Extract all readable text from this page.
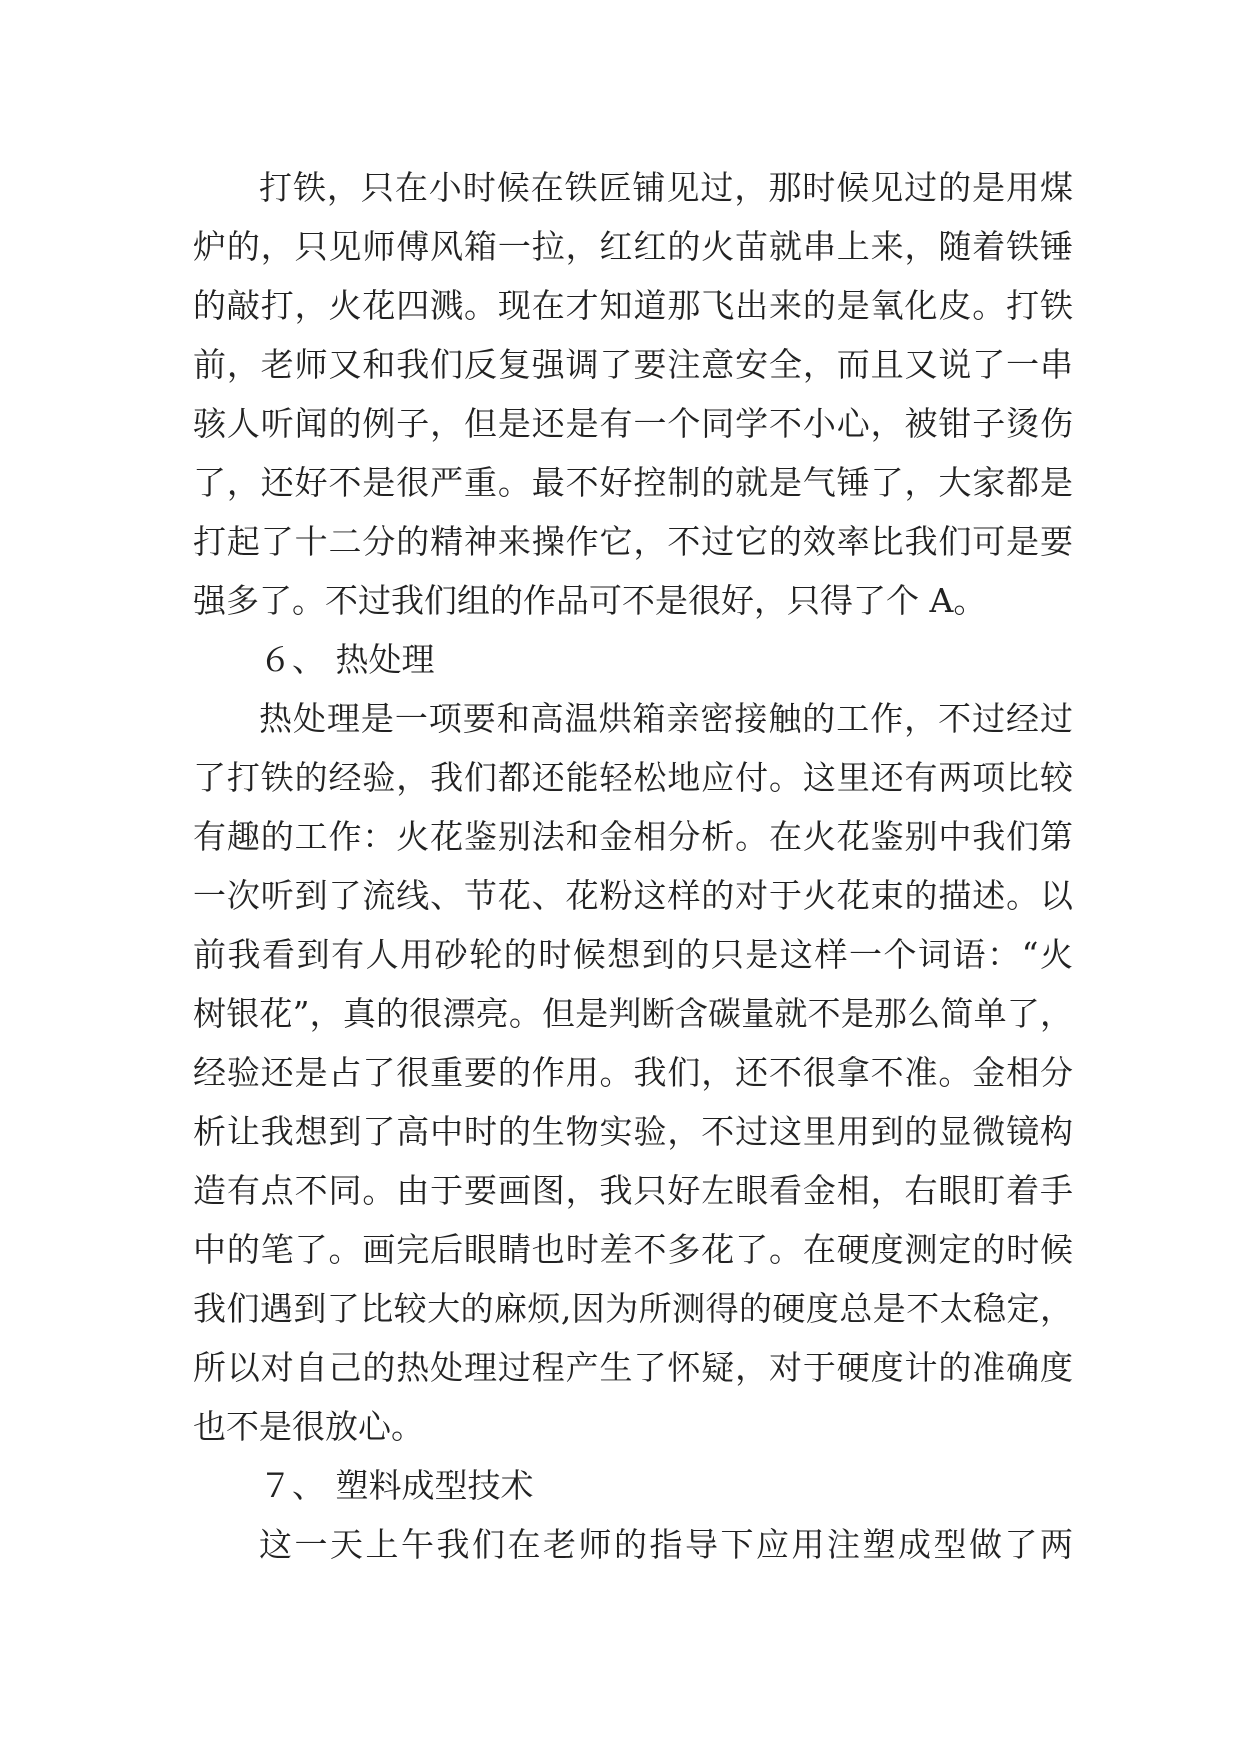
打铁，只在小时候在铁匠铺见过，那时候见过的是用煤
炉的，只见师傅风箱一拉，红红的火苗就串上来，随着铁锤
的敲打，火花四溅。现在才知道那飞出来的是氧化皮。打铁
前，老师又和我们反复强调了要注意安全，而且又说了一串
骇人听闻的例子，但是还是有一个同学不小心，被钳子烫伤
了，还好不是很严重。最不好控制的就是气锤了，大家都是
打起了十二分的精神来操作它，不过它的效率比我们可是要
强多了。不过我们组的作品可不是很好，只得了个 A。
６、 热处理
热处理是一项要和高温烘箱亲密接触的工作，不过经过
了打铁的经验，我们都还能轻松地应付。这里还有两项比较
有趣的工作：火花鉴别法和金相分析。在火花鉴别中我们第
一次听到了流线、节花、花粉这样的对于火花束的描述。以
前我看到有人用砂轮的时候想到的只是这样一个词语：“火
树银花”，真的很漂亮。但是判断含碳量就不是那么简单了，
经验还是占了很重要的作用。我们，还不很拿不准。金相分
析让我想到了高中时的生物实验，不过这里用到的显微镜构
造有点不同。由于要画图，我只好左眼看金相，右眼盯着手
中的笔了。画完后眼睛也时差不多花了。在硬度测定的时候
我们遇到了比较大的麻烦,因为所测得的硬度总是不太稳定，
所以对自己的热处理过程产生了怀疑，对于硬度计的准确度
也不是很放心。
７、 塑料成型技术
这一天上午我们在老师的指导下应用注塑成型做了两
